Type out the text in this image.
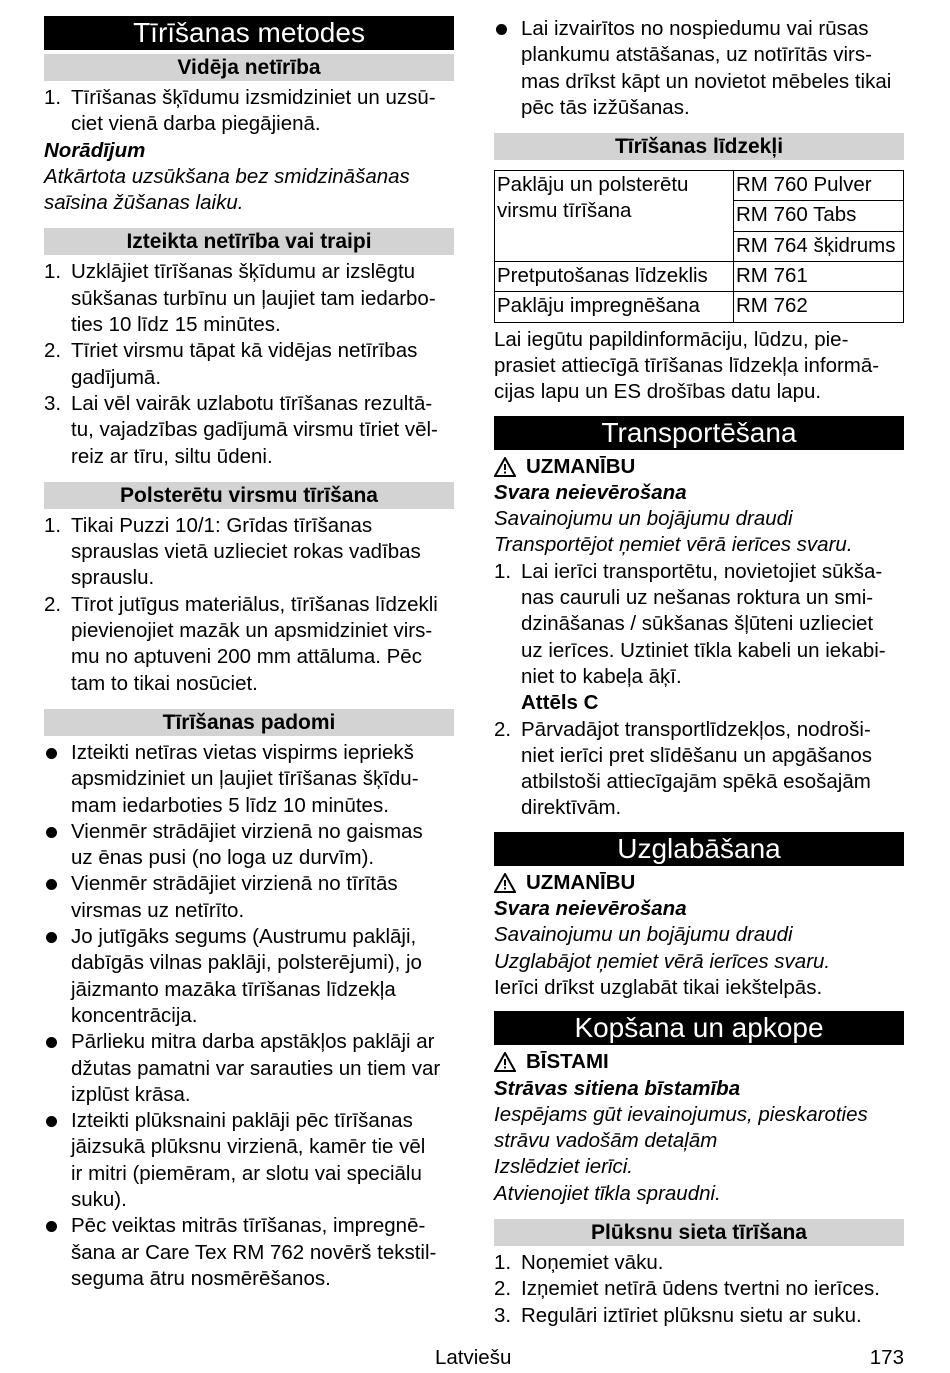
Tīrīšanas metodes
Vidēja netīrība
1. Tīrīšanas šķīdumu izsmidziniet un uzsū-
ciet vienā darba piegājienā.

Norādījum

Atkārtota uzsūkšana bez smidzināšanas
saīsina žūšanas laiku.

Izteikta netīrība vai traipi
1. Uzklājiet tīrīšanas šķīdumu ar izslēgtu
sūkšanas turbīnu un ļaujiet tam iedarbo-
ties 10 līdz 15 minūtes.
2. Tīriet virsmu tāpat kā vidējas netīrības
gadījumā.
3. Lai vēl vairāk uzlabotu tīrīšanas rezultā-
tu, vajadzības gadījumā virsmu tīriet vēl-
reiz ar tīru, siltu ūdeni.
Polsterētu virsmu tīrīšana
1. Tikai Puzzi 10/1: Grīdas tīrīšanas
sprauslas vietā uzlieciet rokas vadības
sprauslu.
2. Tīrot jutīgus materiālus, tīrīšanas līdzekli
pievienojiet mazāk un apsmidziniet virs-
mu no aptuveni 200 mm attāluma. Pēc
tam to tikai nosūciet.
Tīrīšanas padomi
Izteikti netīras vietas vispirms iepriekš
apsmidziniet un ļaujiet tīrīšanas šķīdu-
mam iedarboties 5 līdz 10 minūtes.
Vienmēr strādājiet virzienā no gaismas
uz ēnas pusi (no loga uz durvīm).
Vienmēr strādājiet virzienā no tīrītās
virsmas uz netīrīto.
Jo jutīgāks segums (Austrumu paklāji,
dabīgās vilnas paklāji, polsterējumi), jo
jāizmanto mazāka tīrīšanas līdzekļa
koncentrācija.
Pārlieku mitra darba apstākļos paklāji ar
džutas pamatni var sarauties un tiem var
izplūst krāsa.
Izteikti plūksnaini paklāji pēc tīrīšanas
jāizsukā plūksnu virzienā, kamēr tie vēl
ir mitri (piemēram, ar slotu vai speciālu
suku).
Pēc veiktas mitrās tīrīšanas, impregnē-
šana ar Care Tex RM 762 novērš tekstil-
seguma ātru nosmērēšanos.
Lai izvairītos no nospiedumu vai rūsas
plankumu atstāšanas, uz notīrītās virs-
mas drīkst kāpt un novietot mēbeles tikai
pēc tās izžūšanas.
Tīrīšanas līdzekļi
Paklāju un polsterētu
virsmu tīrīšana	RM 760 Pulver
	RM 760 Tabs
	RM 764 šķidrums
Pretputošanas līdzeklis	RM 761
Paklāju impregnēšana	RM 762

Lai iegūtu papildinformāciju, lūdzu, pie-
prasiet attiecīgā tīrīšanas līdzekļa informā-
cijas lapu un ES drošības datu lapu.

Transportēšana

UZMANĪBU

Svara neievērošana

Savainojumu un bojājumu draudi
Transportējot ņemiet vērā ierīces svaru.

1. Lai ierīci transportētu, novietojiet sūkša-
nas cauruli uz nešanas roktura un smi-
dzināšanas / sūkšanas šļūteni uzlieciet
uz ierīces. Uztiniet tīkla kabeli un iekabi-
niet to kabeļa āķī.

Attēls C

2. Pārvadājot transportlīdzekļos, nodroši-
niet ierīci pret slīdēšanu un apgāšanos
atbilstoši attiecīgajām spēkā esošajām
direktīvām.
Uzglabāšana

UZMANĪBU

Svara neievērošana

Savainojumu un bojājumu draudi
Uzglabājot ņemiet vērā ierīces svaru.

Ierīci drīkst uzglabāt tikai iekštelpās.

Kopšana un apkope

BĪSTAMI

Strāvas sitiena bīstamība

Iespējams gūt ievainojumus, pieskaroties
strāvu vadošām detaļām
Izslēdziet ierīci.
Atvienojiet tīkla spraudni.

Plūksnu sieta tīrīšana
1. Noņemiet vāku.
2. Izņemiet netīrā ūdens tvertni no ierīces.
3. Regulāri iztīriet plūksnu sietu ar suku.
Latviešu	173
